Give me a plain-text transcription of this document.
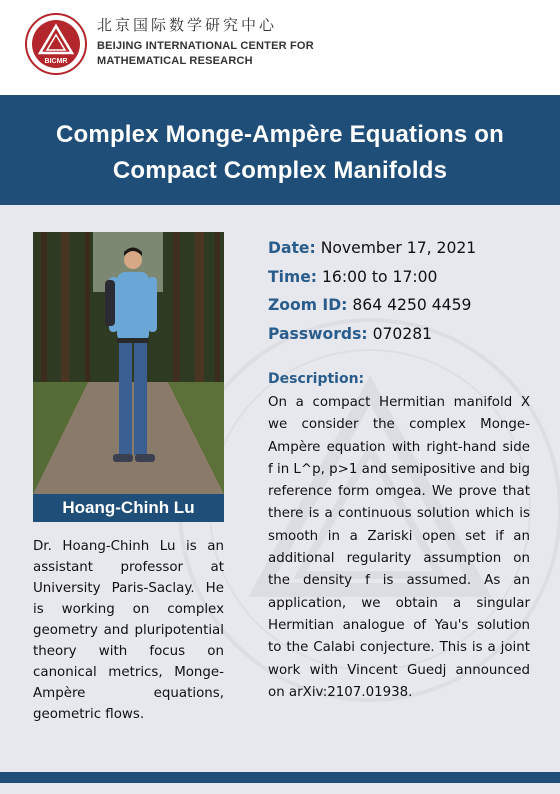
BICMR
北京国际数学研究中心
BEIJING INTERNATIONAL CENTER FOR
MATHEMATICAL RESEARCH
Complex Monge-Ampère Equations on
Compact Complex Manifolds
Hoang-Chinh Lu
Dr. Hoang-Chinh Lu is an assistant professor at University Paris-Saclay. He is working on complex geometry and pluripotential theory with focus on canonical metrics, Monge-Ampère equations, geometric flows.
Date: November 17, 2021
Time: 16:00 to 17:00
Zoom ID: 864 4250 4459
Passwords: 070281
Description:
On a compact Hermitian manifold X we consider the complex Monge-Ampère equation with right-hand side f in L^p, p>1 and semipositive and big reference form omgea. We prove that there is a continuous solution which is smooth in a Zariski open set if an additional regularity assumption on the density f is assumed. As an application, we obtain a singular Hermitian analogue of Yau's solution to the Calabi conjecture. This is a joint work with Vincent Guedj announced on arXiv:2107.01938.
